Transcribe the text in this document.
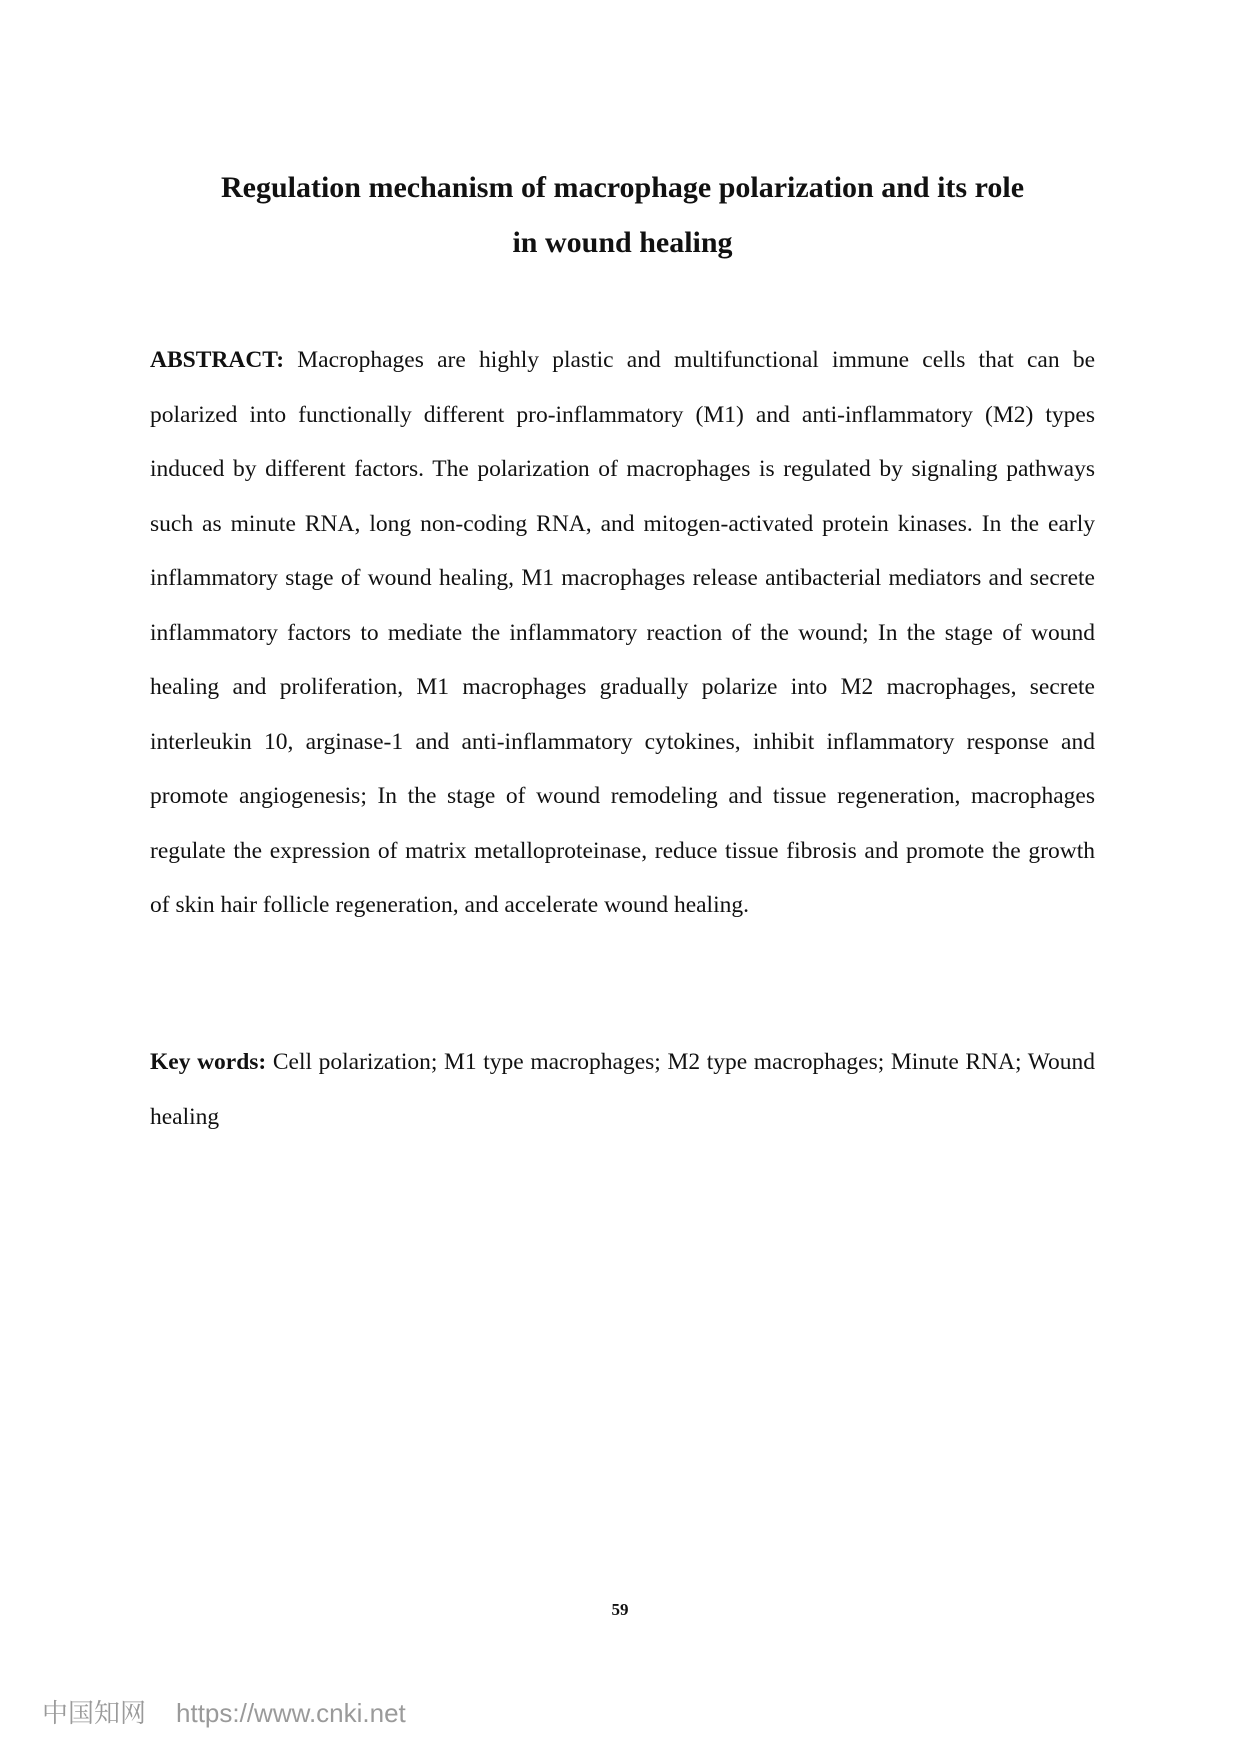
Regulation mechanism of macrophage polarization and its role
in wound healing

ABSTRACT: Macrophages are highly plastic and multifunctional immune cells that can be polarized into functionally different pro-inflammatory (M1) and anti-inflammatory (M2) types induced by different factors. The polarization of macrophages is regulated by signaling pathways such as minute RNA, long non-coding RNA, and mitogen-activated protein kinases. In the early inflammatory stage of wound healing, M1 macrophages release antibacterial mediators and secrete inflammatory factors to mediate the inflammatory reaction of the wound; In the stage of wound healing and proliferation, M1 macrophages gradually polarize into M2 macrophages, secrete interleukin 10, arginase-1 and anti-inflammatory cytokines, inhibit inflammatory response and promote angiogenesis; In the stage of wound remodeling and tissue regeneration, macrophages regulate the expression of matrix metalloproteinase, reduce tissue fibrosis and promote the growth of skin hair follicle regeneration, and accelerate wound healing.

Key words: Cell polarization; M1 type macrophages; M2 type macrophages; Minute RNA; Wound healing

59
中国知网 https://www.cnki.net
